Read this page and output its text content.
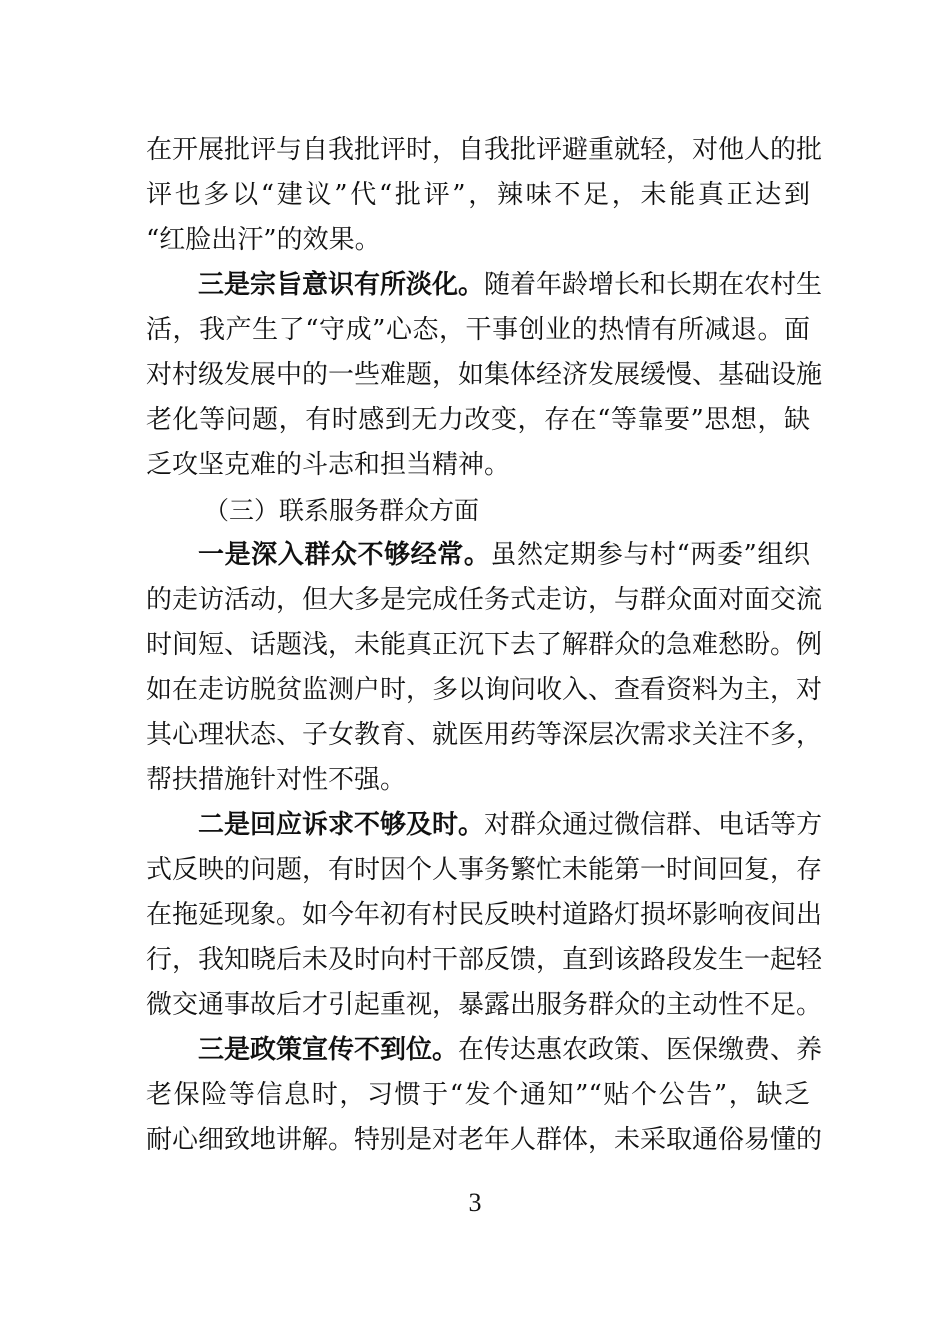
在开展批评与自我批评时，自我批评避重就轻，对他人的批
评也多以“建议”代“批评”，辣味不足，未能真正达到
“红脸出汗”的效果。
三是宗旨意识有所淡化。随着年龄增长和长期在农村生
活，我产生了“守成”心态，干事创业的热情有所减退。面
对村级发展中的一些难题，如集体经济发展缓慢、基础设施
老化等问题，有时感到无力改变，存在“等靠要”思想，缺
乏攻坚克难的斗志和担当精神。
（三）联系服务群众方面
一是深入群众不够经常。虽然定期参与村“两委”组织
的走访活动，但大多是完成任务式走访，与群众面对面交流
时间短、话题浅，未能真正沉下去了解群众的急难愁盼。例
如在走访脱贫监测户时，多以询问收入、查看资料为主，对
其心理状态、子女教育、就医用药等深层次需求关注不多，
帮扶措施针对性不强。
二是回应诉求不够及时。对群众通过微信群、电话等方
式反映的问题，有时因个人事务繁忙未能第一时间回复，存
在拖延现象。如今年初有村民反映村道路灯损坏影响夜间出
行，我知晓后未及时向村干部反馈，直到该路段发生一起轻
微交通事故后才引起重视，暴露出服务群众的主动性不足。
三是政策宣传不到位。在传达惠农政策、医保缴费、养
老保险等信息时，习惯于“发个通知”“贴个公告”，缺乏
耐心细致地讲解。特别是对老年人群体，未采取通俗易懂的
3
